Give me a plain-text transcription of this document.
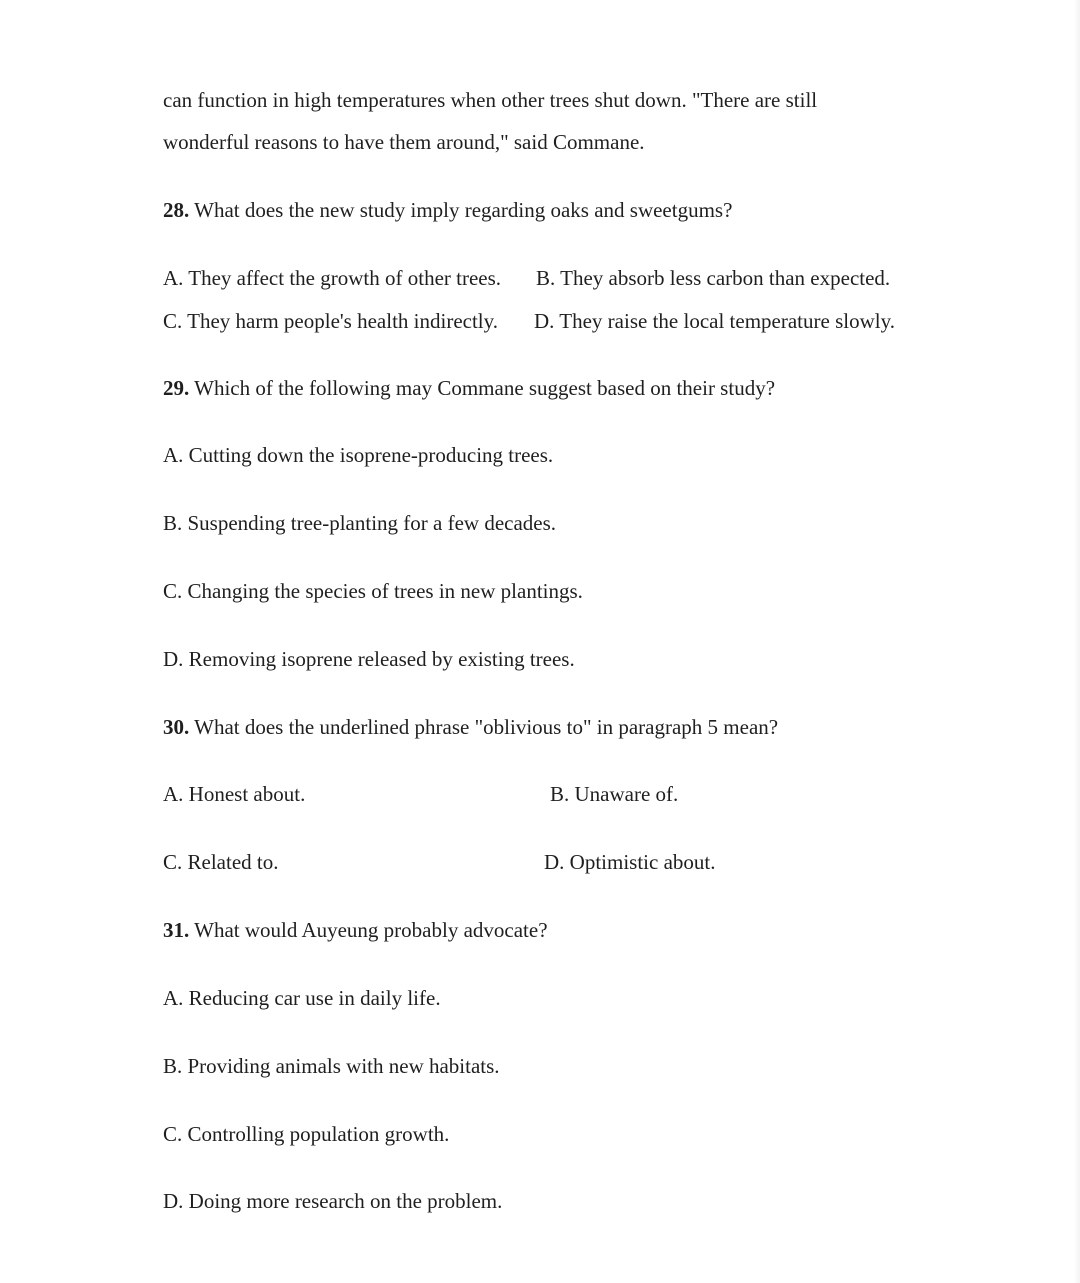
can function in high temperatures when other trees shut down. "There are still
wonderful reasons to have them around," said Commane.
28. What does the new study imply regarding oaks and sweetgums?
A. They affect the growth of other trees. B. They absorb less carbon than expected.
C. They harm people's health indirectly. D. They raise the local temperature slowly.
29. Which of the following may Commane suggest based on their study?
A. Cutting down the isoprene-producing trees.
B. Suspending tree-planting for a few decades.
C. Changing the species of trees in new plantings.
D. Removing isoprene released by existing trees.
30. What does the underlined phrase "oblivious to" in paragraph 5 mean?
A. Honest about.	B. Unaware of.
C. Related to.	D. Optimistic about.
31. What would Auyeung probably advocate?
A. Reducing car use in daily life.
B. Providing animals with new habitats.
C. Controlling population growth.
D. Doing more research on the problem.
